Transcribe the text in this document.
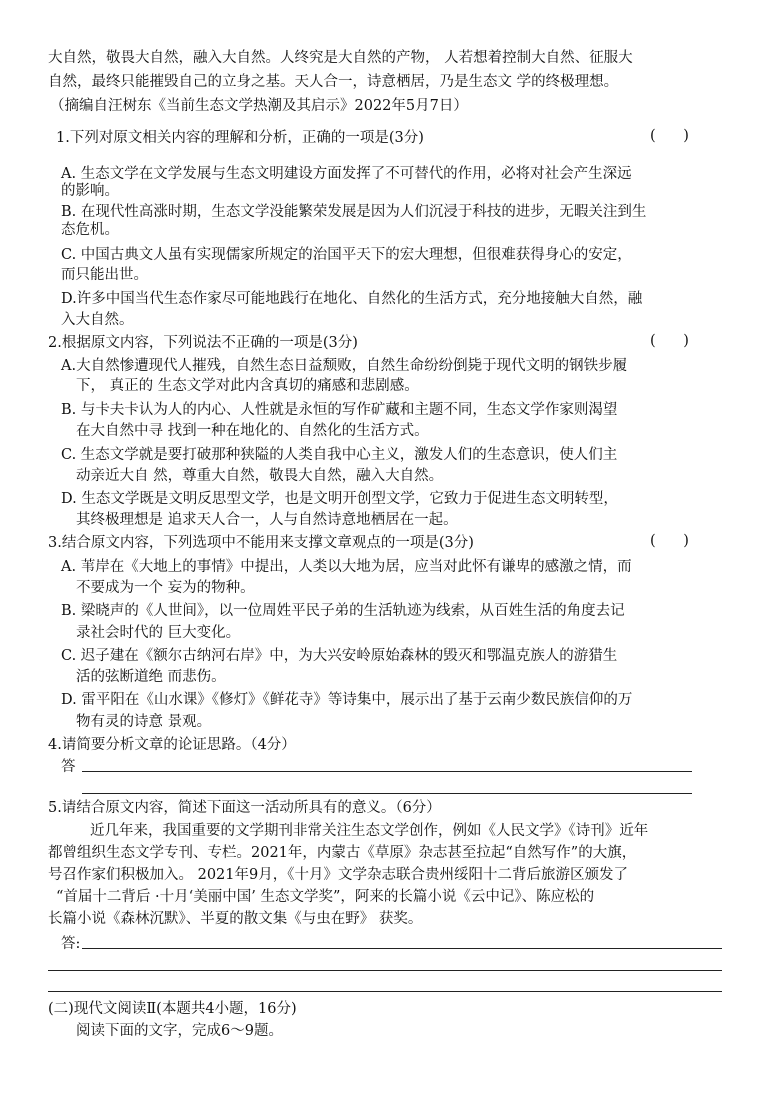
大自然，敬畏大自然，融入大自然。人终究是大自然的产物， 人若想着控制大自然、征服大
自然，最终只能摧毁自己的立身之基。天人合一，诗意栖居，乃是生态文 学的终极理想。
（摘编自汪树东《当前生态文学热潮及其启示》2022年5月7日）
1.下列对原文相关内容的理解和分析，正确的一项是(3分)	(      )
A. 生态文学在文学发展与生态文明建设方面发挥了不可替代的作用，必将对社会产生深远
的影响。
B. 在现代性高涨时期，生态文学没能繁荣发展是因为人们沉浸于科技的进步，无暇关注到生
态危机。
C. 中国古典文人虽有实现儒家所规定的治国平天下的宏大理想，但很难获得身心的安定，
而只能出世。
D.许多中国当代生态作家尽可能地践行在地化、自然化的生活方式，充分地接触大自然，融
入大自然。
2.根据原文内容，下列说法不正确的一项是(3分)	(      )
A.大自然惨遭现代人摧残，自然生态日益颓败，自然生命纷纷倒毙于现代文明的钢铁步履
下， 真正的 生态文学对此内含真切的痛感和悲剧感。
B. 与卡夫卡认为人的内心、人性就是永恒的写作矿藏和主题不同，生态文学作家则渴望
在大自然中寻 找到一种在地化的、自然化的生活方式。
C. 生态文学就是要打破那种狭隘的人类自我中心主义，激发人们的生态意识，使人们主
动亲近大自 然，尊重大自然，敬畏大自然，融入大自然。
D. 生态文学既是文明反思型文学，也是文明开创型文学，它致力于促进生态文明转型，
其终极理想是 追求天人合一，人与自然诗意地栖居在一起。
3.结合原文内容，下列选项中不能用来支撑文章观点的一项是(3分)	(      )
A. 苇岸在《大地上的事情》中提出，人类以大地为居，应当对此怀有谦卑的感激之情，而
不要成为一个 妄为的物种。
B. 梁晓声的《人世间》，以一位周姓平民子弟的生活轨迹为线索，从百姓生活的角度去记
录社会时代的 巨大变化。
C. 迟子建在《额尔古纳河右岸》中，为大兴安岭原始森林的毁灭和鄂温克族人的游猎生
活的弦断道绝 而悲伤。
D. 雷平阳在《山水课》《修灯》《鲜花寺》等诗集中，展示出了基于云南少数民族信仰的万
物有灵的诗意 景观。
4.请简要分析文章的论证思路。（4分）
答
5.请结合原文内容，简述下面这一活动所具有的意义。（6分）
近几年来，我国重要的文学期刊非常关注生态文学创作，例如《人民文学》《诗刊》近年
都曾组织生态文学专刊、专栏。2021年，内蒙古《草原》杂志甚至拉起“自然写作”的大旗，
号召作家们积极加入。 2021年9月，《十月》文学杂志联合贵州绥阳十二背后旅游区颁发了
“首届十二背后 ·十月‘美丽中国’ 生态文学奖”，阿来的长篇小说《云中记》、陈应松的
长篇小说《森林沉默》、半夏的散文集《与虫在野》 获奖。
答:
(二)现代文阅读Ⅱ(本题共4小题，16分)
阅读下面的文字，完成6～9题。
